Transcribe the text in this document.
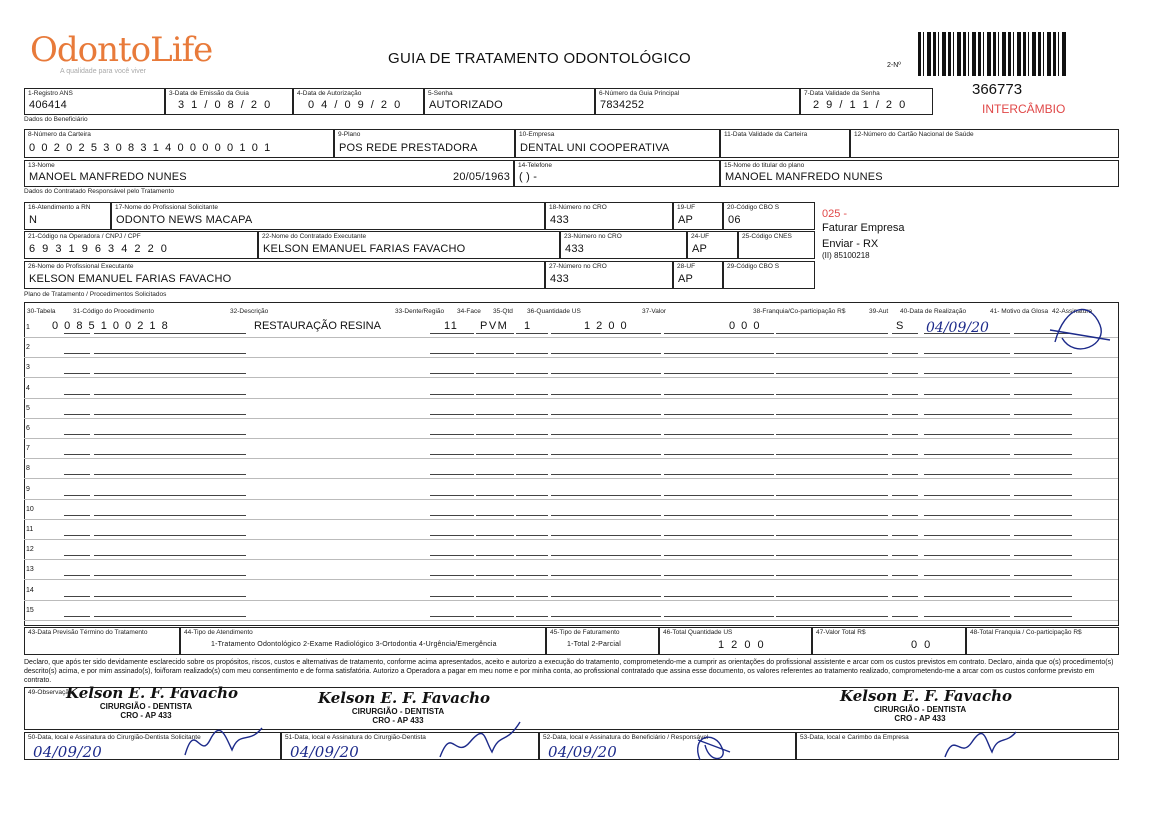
OdontoLife
A qualidade para você viver
GUIA DE TRATAMENTO ODONTOLÓGICO	2-Nº
366773
INTERCÂMBIO
1-Registro ANS
406414
3-Data de Emissão da Guia
3 1 / 0 8 / 2 0
4-Data de Autorização
0 4 / 0 9 / 2 0
5-Senha
AUTORIZADO
6-Número da Guia Principal
7834252
7-Data Validade da Senha
2 9 / 1 1 / 2 0
Dados do Beneficiário
8-Número da Carteira
0 0 2 0 2 5 3 0 8 3 1 4 0 0 0 0 0 1 0 1
9-Plano
POS REDE PRESTADORA
10-Empresa
DENTAL UNI COOPERATIVA
11-Data Validade da Carteira	12-Número do Cartão Nacional de Saúde
13-Nome
MANOEL MANFREDO NUNES	20/05/1963
14-Telefone
( ) -
15-Nome do titular do plano
MANOEL MANFREDO NUNES
Dados do Contratado Responsável pelo Tratamento
16-Atendimento a RN
N
17-Nome do Profissional Solicitante
ODONTO NEWS MACAPA
18-Número no CRO
433
19-UF
AP
20-Código CBO S
06
21-Código na Operadora / CNPJ / CPF
6 9 3 1 9 6 3 4 2 2 0
22-Nome do Contratado Executante
KELSON EMANUEL FARIAS FAVACHO
23-Número no CRO
433
24-UF
AP
25-Código CNES
26-Nome do Profissional Executante
KELSON EMANUEL FARIAS FAVACHO
27-Número no CRO
433
28-UF
AP
29-Código CBO S
025 -
Faturar Empresa
Enviar - RX
(II) 85100218
Plano de Tratamento / Procedimentos Solicitados
30-Tabela	31-Código do Procedimento	32-Descrição	33-Dente/Região 34-Face 35-Qtd 36-Quantidade US	37-Valor	38-Franquia/Co-participação R$	39-Aut 40-Data de Realização	41- Motivo da Glosa 42-Assinatura
1 0 0 8 5 1 0 0 2 1 8	RESTAURAÇÃO RESINA	11 PVM 1	1 2 0 0	0 0 0	S 04/09/20
2
3
4
5
6
7
8
9
10
11
12
13
14
15
43-Data Previsão Término do Tratamento	44-Tipo de Atendimento
1-Tratamento Odontológico 2-Exame Radiológico 3-Ortodontia 4-Urgência/Emergência
45-Tipo de Faturamento
1-Total 2-Parcial
46-Total Quantidade US
1 2 0 0
47-Valor Total R$
0 0
48-Total Franquia / Co-participação R$
Declaro, que após ter sido devidamente esclarecido sobre os propósitos, riscos, custos e alternativas de tratamento, conforme acima apresentados, aceito e autorizo a execução do tratamento, comprometendo-me a cumprir as orientações do profissional assistente e arcar com os custos previstos em contrato. Declaro, ainda que o(s) procedimento(s) descrito(s) acima, e por mim assinado(s), foi/foram realizado(s) com meu consentimento e de forma satisfatória. Autorizo a Operadora a pagar em meu nome e por minha conta, ao profissional contratado que assina esse documento, os valores referentes ao tratamento realizado, comprometendo-me a arcar com os custos conforme previsto em contrato.
49-Observação
Kelson E. F. Favacho
CIRURGIÃO - DENTISTA
CRO - AP 433
Kelson E. F. Favacho
CIRURGIÃO - DENTISTA
CRO - AP 433
Kelson E. F. Favacho
CIRURGIÃO - DENTISTA
CRO - AP 433
50-Data, local e Assinatura do Cirurgião-Dentista Solicitante
04/09/20
51-Data, local e Assinatura do Cirurgião-Dentista
04/09/20
52-Data, local e Assinatura do Beneficiário / Responsável
04/09/20
53-Data, local e Carimbo da Empresa
